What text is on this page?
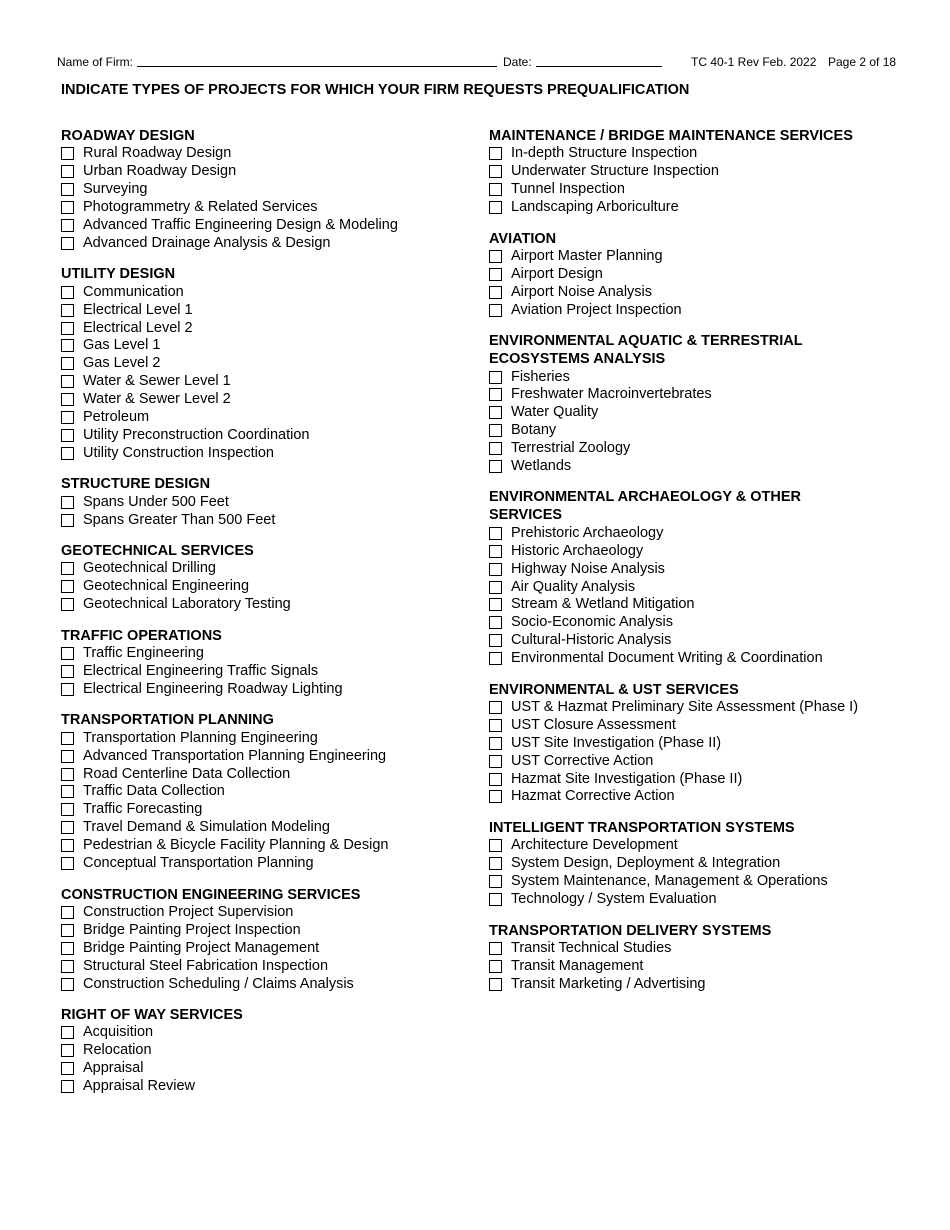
Name of Firm:	Date:	TC 40-1 Rev Feb. 2022 Page 2 of 18
INDICATE TYPES OF PROJECTS FOR WHICH YOUR FIRM REQUESTS PREQUALIFICATION
ROADWAY DESIGN
Rural Roadway Design
Urban Roadway Design
Surveying
Photogrammetry & Related Services
Advanced Traffic Engineering Design & Modeling
Advanced Drainage Analysis & Design
UTILITY DESIGN
Communication
Electrical Level 1
Electrical Level 2
Gas Level 1
Gas Level 2
Water & Sewer Level 1
Water & Sewer Level 2
Petroleum
Utility Preconstruction Coordination
Utility Construction Inspection
STRUCTURE DESIGN
Spans Under 500 Feet
Spans Greater Than 500 Feet
GEOTECHNICAL SERVICES
Geotechnical Drilling
Geotechnical Engineering
Geotechnical Laboratory Testing
TRAFFIC OPERATIONS
Traffic Engineering
Electrical Engineering Traffic Signals
Electrical Engineering Roadway Lighting
TRANSPORTATION PLANNING
Transportation Planning Engineering
Advanced Transportation Planning Engineering
Road Centerline Data Collection
Traffic Data Collection
Traffic Forecasting
Travel Demand & Simulation Modeling
Pedestrian & Bicycle Facility Planning & Design
Conceptual Transportation Planning
CONSTRUCTION ENGINEERING SERVICES
Construction Project Supervision
Bridge Painting Project Inspection
Bridge Painting Project Management
Structural Steel Fabrication Inspection
Construction Scheduling / Claims Analysis
RIGHT OF WAY SERVICES
Acquisition
Relocation
Appraisal
Appraisal Review
MAINTENANCE / BRIDGE MAINTENANCE SERVICES
In-depth Structure Inspection
Underwater Structure Inspection
Tunnel Inspection
Landscaping Arboriculture
AVIATION
Airport Master Planning
Airport Design
Airport Noise Analysis
Aviation Project Inspection
ENVIRONMENTAL AQUATIC & TERRESTRIAL
ECOSYSTEMS ANALYSIS
Fisheries
Freshwater Macroinvertebrates
Water Quality
Botany
Terrestrial Zoology
Wetlands
ENVIRONMENTAL ARCHAEOLOGY & OTHER
SERVICES
Prehistoric Archaeology
Historic Archaeology
Highway Noise Analysis
Air Quality Analysis
Stream & Wetland Mitigation
Socio-Economic Analysis
Cultural-Historic Analysis
Environmental Document Writing & Coordination
ENVIRONMENTAL & UST SERVICES
UST & Hazmat Preliminary Site Assessment (Phase I)
UST Closure Assessment
UST Site Investigation (Phase II)
UST Corrective Action
Hazmat Site Investigation (Phase II)
Hazmat Corrective Action
INTELLIGENT TRANSPORTATION SYSTEMS
Architecture Development
System Design, Deployment & Integration
System Maintenance, Management & Operations
Technology / System Evaluation
TRANSPORTATION DELIVERY SYSTEMS
Transit Technical Studies
Transit Management
Transit Marketing / Advertising
